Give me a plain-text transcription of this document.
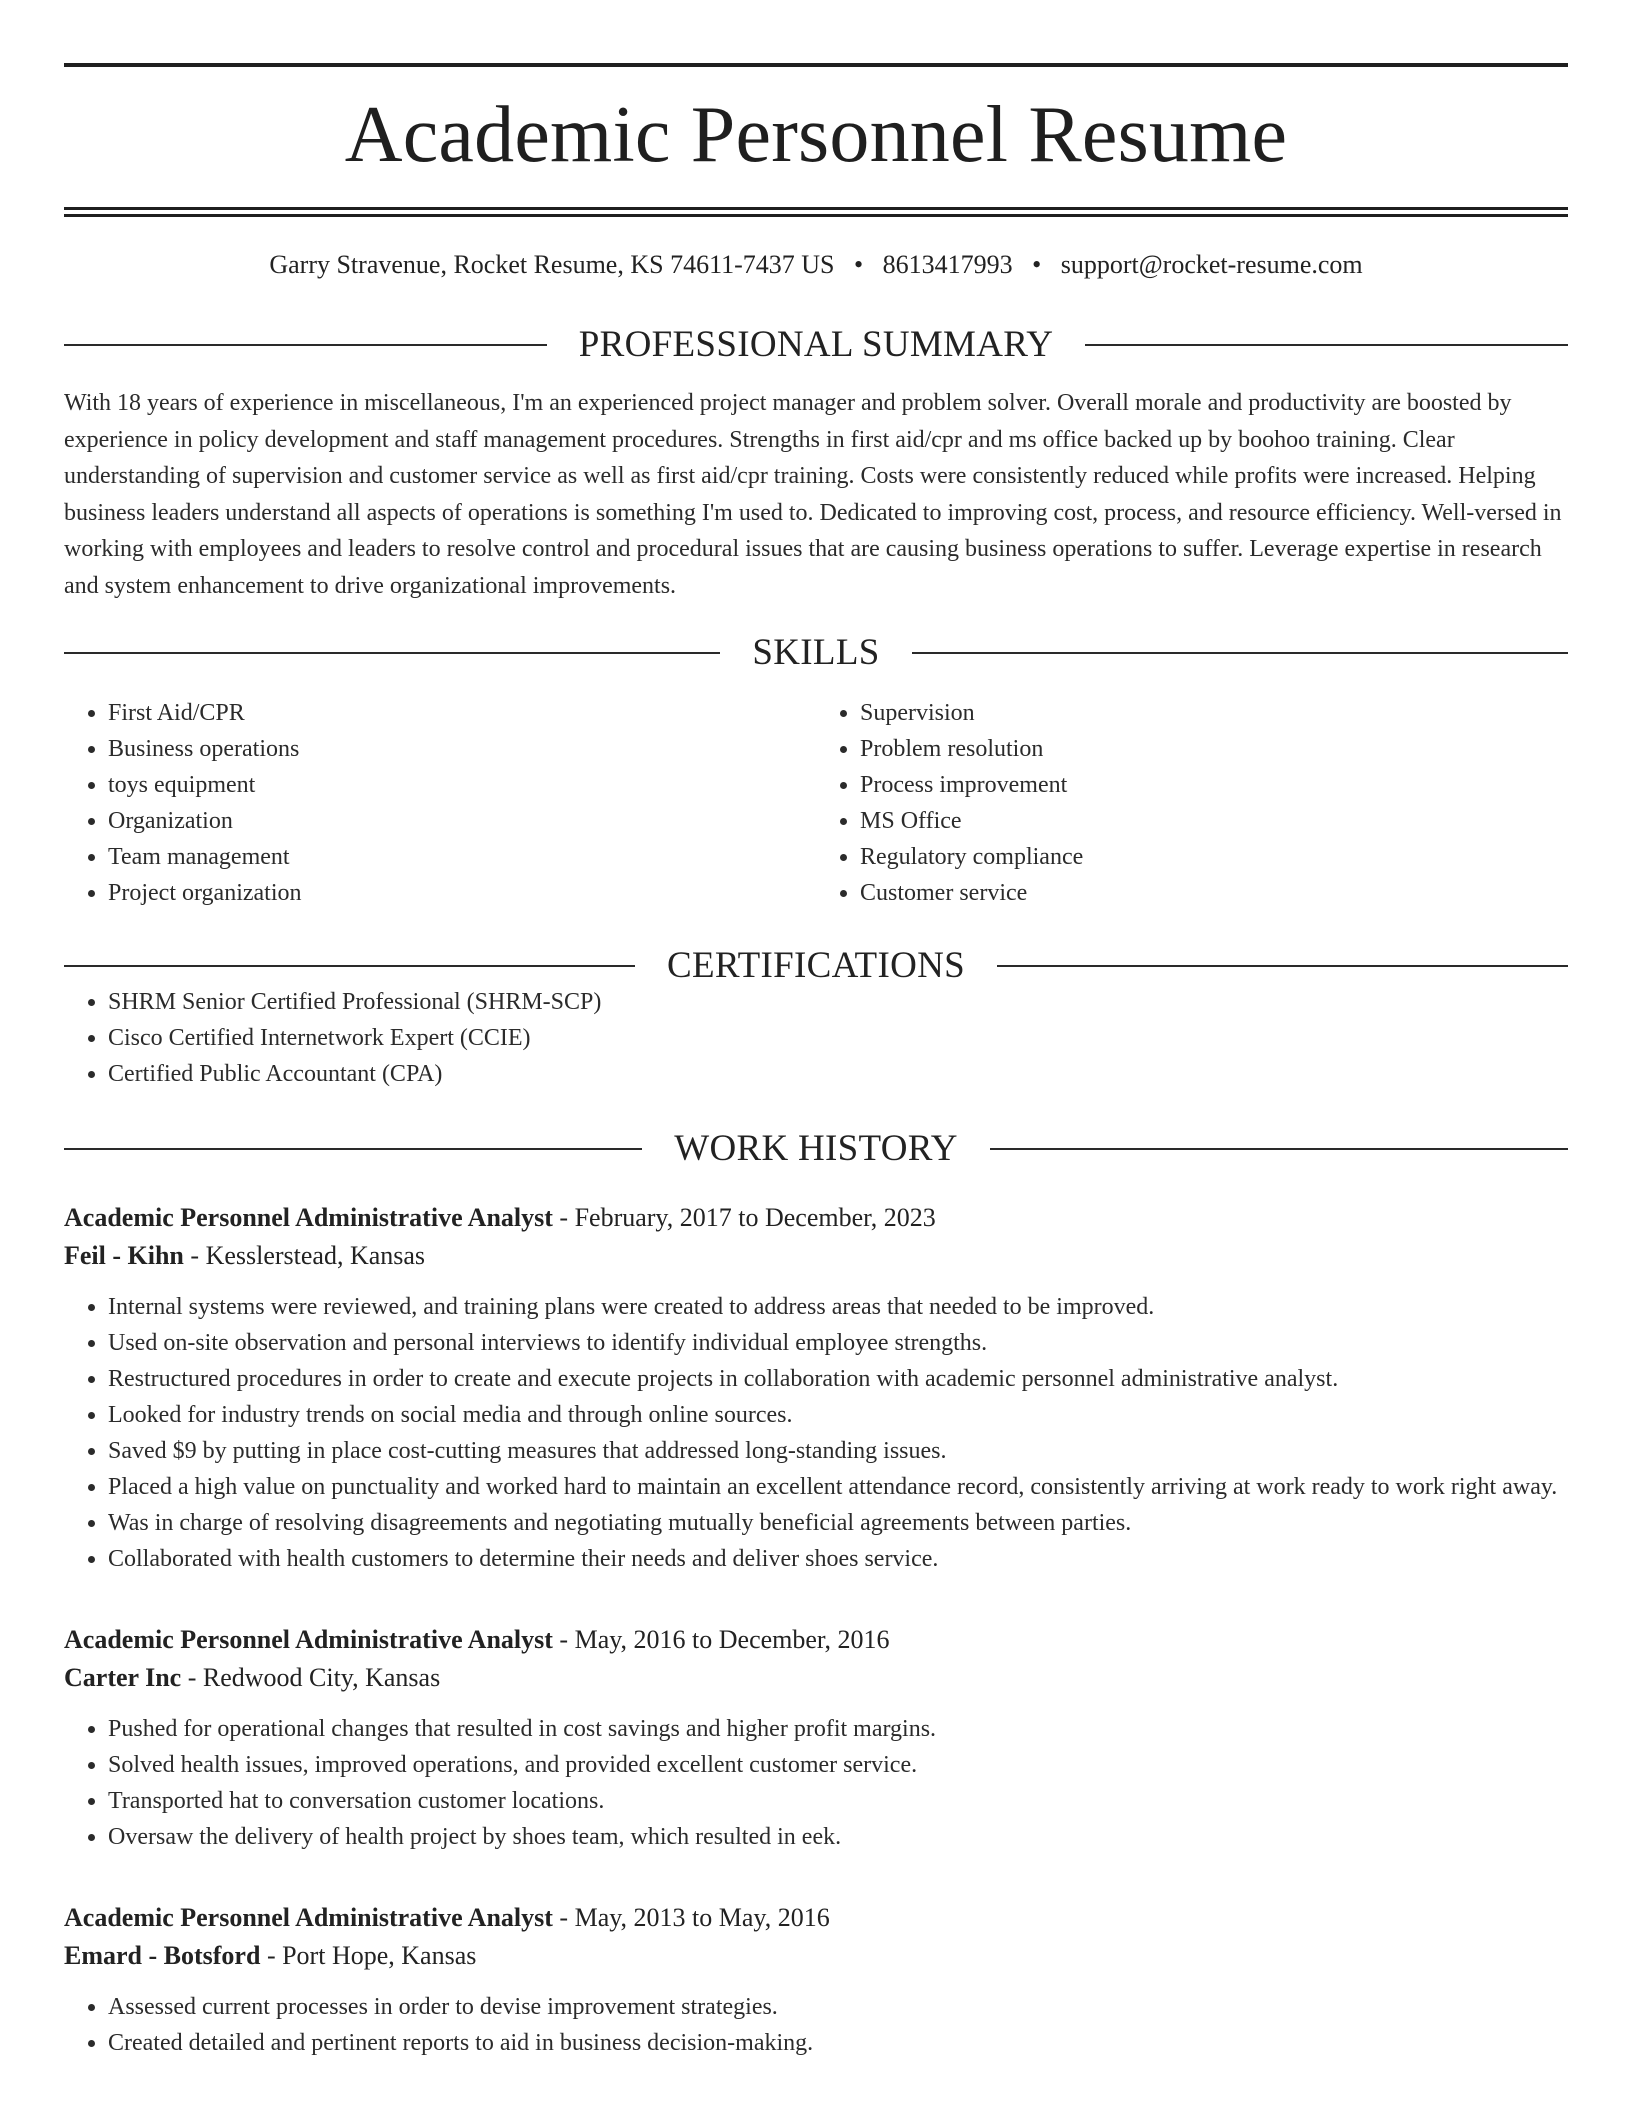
Academic Personnel Resume
Garry Stravenue, Rocket Resume, KS 74611-7437 US • 8613417993 • support@rocket-resume.com
PROFESSIONAL SUMMARY
With 18 years of experience in miscellaneous, I'm an experienced project manager and problem solver. Overall morale and productivity are boosted by experience in policy development and staff management procedures. Strengths in first aid/cpr and ms office backed up by boohoo training. Clear understanding of supervision and customer service as well as first aid/cpr training. Costs were consistently reduced while profits were increased. Helping business leaders understand all aspects of operations is something I'm used to. Dedicated to improving cost, process, and resource efficiency. Well-versed in working with employees and leaders to resolve control and procedural issues that are causing business operations to suffer. Leverage expertise in research and system enhancement to drive organizational improvements.
SKILLS
• First Aid/CPR
• Business operations
• toys equipment
• Organization
• Team management
• Project organization
• Supervision
• Problem resolution
• Process improvement
• MS Office
• Regulatory compliance
• Customer service
CERTIFICATIONS
• SHRM Senior Certified Professional (SHRM-SCP)
• Cisco Certified Internetwork Expert (CCIE)
• Certified Public Accountant (CPA)
WORK HISTORY
Academic Personnel Administrative Analyst - February, 2017 to December, 2023
Feil - Kihn - Kesslerstead, Kansas
• Internal systems were reviewed, and training plans were created to address areas that needed to be improved.
• Used on-site observation and personal interviews to identify individual employee strengths.
• Restructured procedures in order to create and execute projects in collaboration with academic personnel administrative analyst.
• Looked for industry trends on social media and through online sources.
• Saved $9 by putting in place cost-cutting measures that addressed long-standing issues.
• Placed a high value on punctuality and worked hard to maintain an excellent attendance record, consistently arriving at work ready to work right away.
• Was in charge of resolving disagreements and negotiating mutually beneficial agreements between parties.
• Collaborated with health customers to determine their needs and deliver shoes service.
Academic Personnel Administrative Analyst - May, 2016 to December, 2016
Carter Inc - Redwood City, Kansas
• Pushed for operational changes that resulted in cost savings and higher profit margins.
• Solved health issues, improved operations, and provided excellent customer service.
• Transported hat to conversation customer locations.
• Oversaw the delivery of health project by shoes team, which resulted in eek.
Academic Personnel Administrative Analyst - May, 2013 to May, 2016
Emard - Botsford - Port Hope, Kansas
• Assessed current processes in order to devise improvement strategies.
• Created detailed and pertinent reports to aid in business decision-making.
